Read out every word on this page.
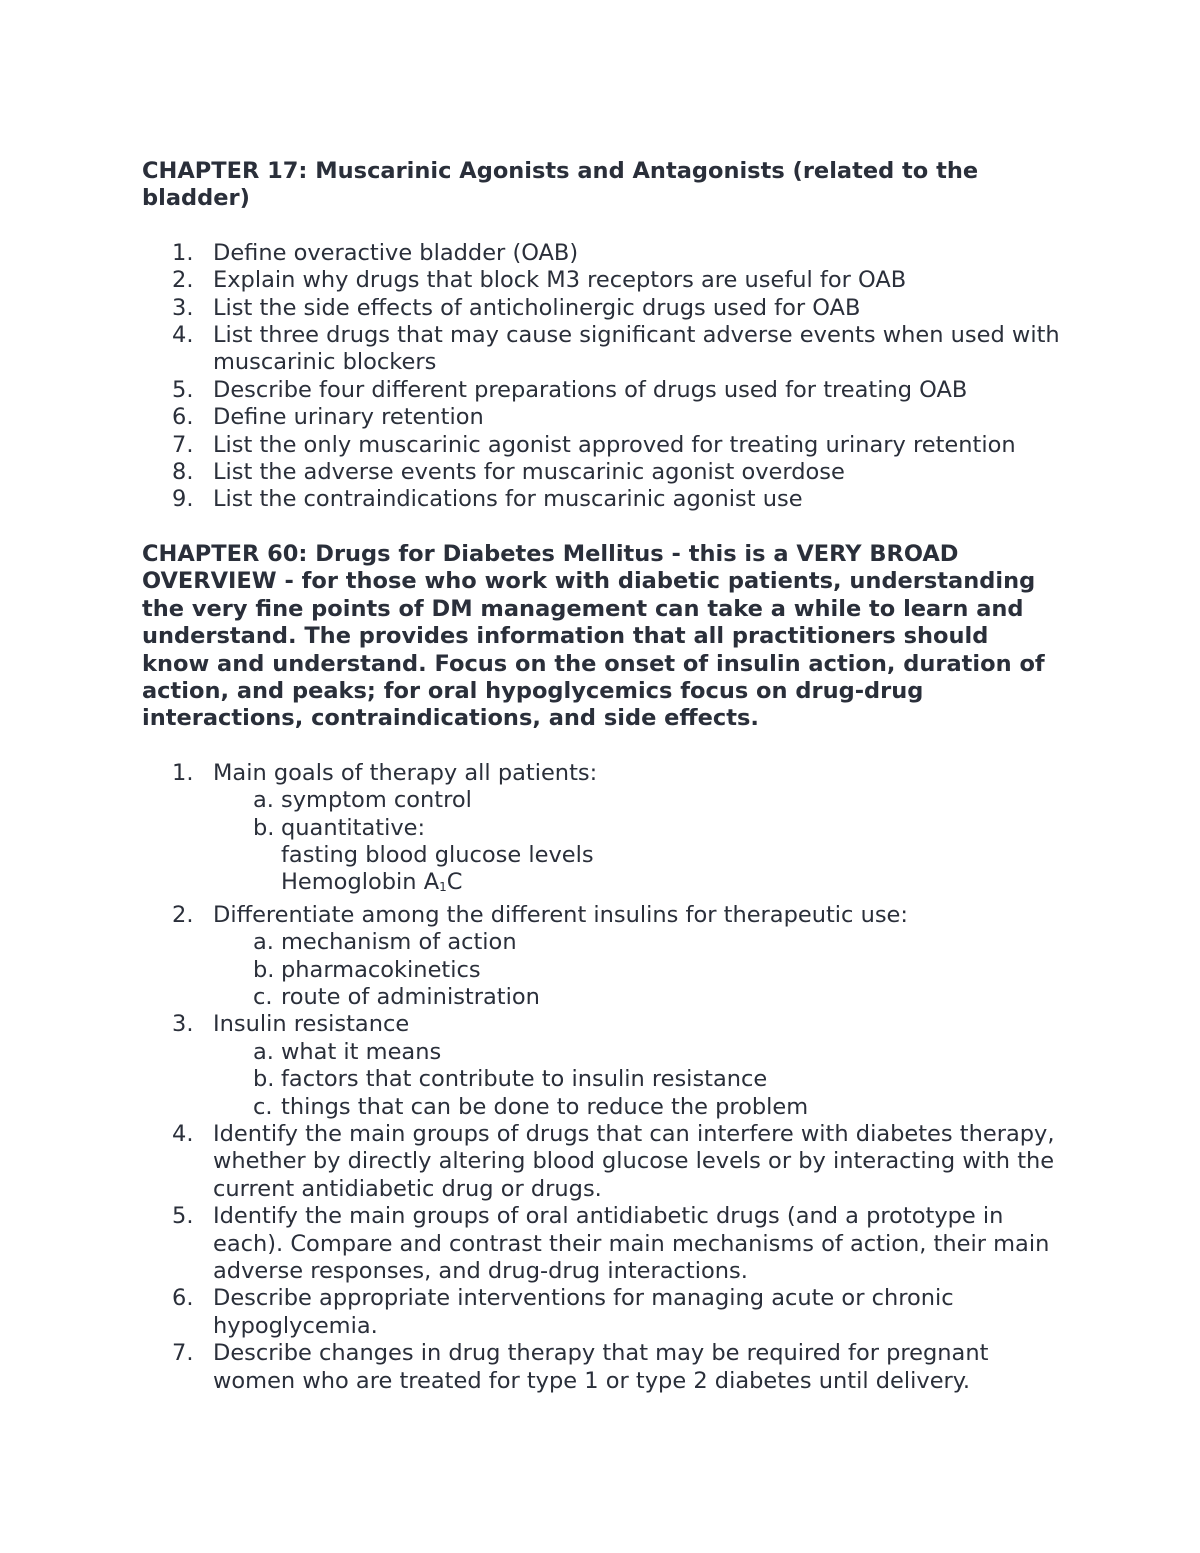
CHAPTER 17: Muscarinic Agonists and Antagonists (related to the bladder)

1. Define overactive bladder (OAB)
2. Explain why drugs that block M3 receptors are useful for OAB
3. List the side effects of anticholinergic drugs used for OAB
4. List three drugs that may cause significant adverse events when used with muscarinic blockers
5. Describe four different preparations of drugs used for treating OAB
6. Define urinary retention
7. List the only muscarinic agonist approved for treating urinary retention
8. List the adverse events for muscarinic agonist overdose
9. List the contraindications for muscarinic agonist use

CHAPTER 60: Drugs for Diabetes Mellitus - this is a VERY BROAD OVERVIEW - for those who work with diabetic patients, understanding the very fine points of DM management can take a while to learn and understand. The provides information that all practitioners should know and understand. Focus on the onset of insulin action, duration of action, and peaks; for oral hypoglycemics focus on drug-drug interactions, contraindications, and side effects.

1. Main goals of therapy all patients:
a. symptom control
b. quantitative:
fasting blood glucose levels
Hemoglobin $A_1C$
2. Differentiate among the different insulins for therapeutic use:
a. mechanism of action
b. pharmacokinetics
c. route of administration
3. Insulin resistance
a. what it means
b. factors that contribute to insulin resistance
c. things that can be done to reduce the problem
4. Identify the main groups of drugs that can interfere with diabetes therapy, whether by directly altering blood glucose levels or by interacting with the current antidiabetic drug or drugs.
5. Identify the main groups of oral antidiabetic drugs (and a prototype in each). Compare and contrast their main mechanisms of action, their main adverse responses, and drug-drug interactions.
6. Describe appropriate interventions for managing acute or chronic hypoglycemia.
7. Describe changes in drug therapy that may be required for pregnant women who are treated for type 1 or type 2 diabetes until delivery.
